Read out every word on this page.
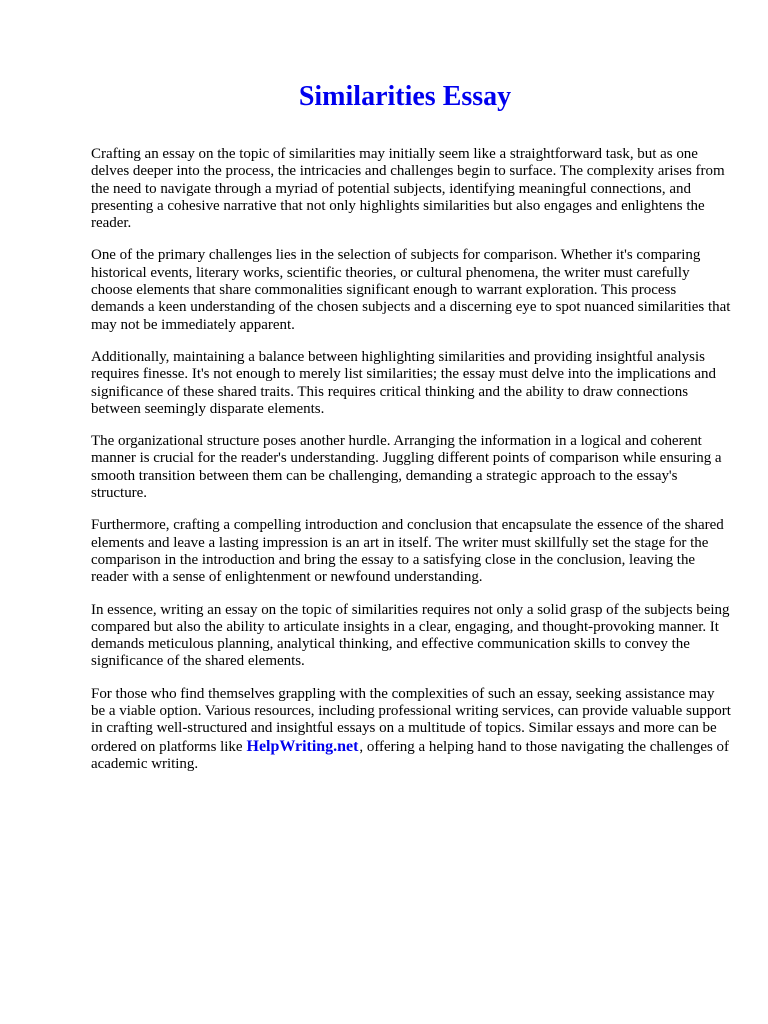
Similarities Essay

Crafting an essay on the topic of similarities may initially seem like a straightforward task, but as one delves deeper into the process, the intricacies and challenges begin to surface. The complexity arises from the need to navigate through a myriad of potential subjects, identifying meaningful connections, and presenting a cohesive narrative that not only highlights similarities but also engages and enlightens the reader.

One of the primary challenges lies in the selection of subjects for comparison. Whether it's comparing historical events, literary works, scientific theories, or cultural phenomena, the writer must carefully choose elements that share commonalities significant enough to warrant exploration. This process demands a keen understanding of the chosen subjects and a discerning eye to spot nuanced similarities that may not be immediately apparent.

Additionally, maintaining a balance between highlighting similarities and providing insightful analysis requires finesse. It's not enough to merely list similarities; the essay must delve into the implications and significance of these shared traits. This requires critical thinking and the ability to draw connections between seemingly disparate elements.

The organizational structure poses another hurdle. Arranging the information in a logical and coherent manner is crucial for the reader's understanding. Juggling different points of comparison while ensuring a smooth transition between them can be challenging, demanding a strategic approach to the essay's structure.

Furthermore, crafting a compelling introduction and conclusion that encapsulate the essence of the shared elements and leave a lasting impression is an art in itself. The writer must skillfully set the stage for the comparison in the introduction and bring the essay to a satisfying close in the conclusion, leaving the reader with a sense of enlightenment or newfound understanding.

In essence, writing an essay on the topic of similarities requires not only a solid grasp of the subjects being compared but also the ability to articulate insights in a clear, engaging, and thought-provoking manner. It demands meticulous planning, analytical thinking, and effective communication skills to convey the significance of the shared elements.

For those who find themselves grappling with the complexities of such an essay, seeking assistance may be a viable option. Various resources, including professional writing services, can provide valuable support in crafting well-structured and insightful essays on a multitude of topics. Similar essays and more can be ordered on platforms like HelpWriting.net, offering a helping hand to those navigating the challenges of academic writing.
